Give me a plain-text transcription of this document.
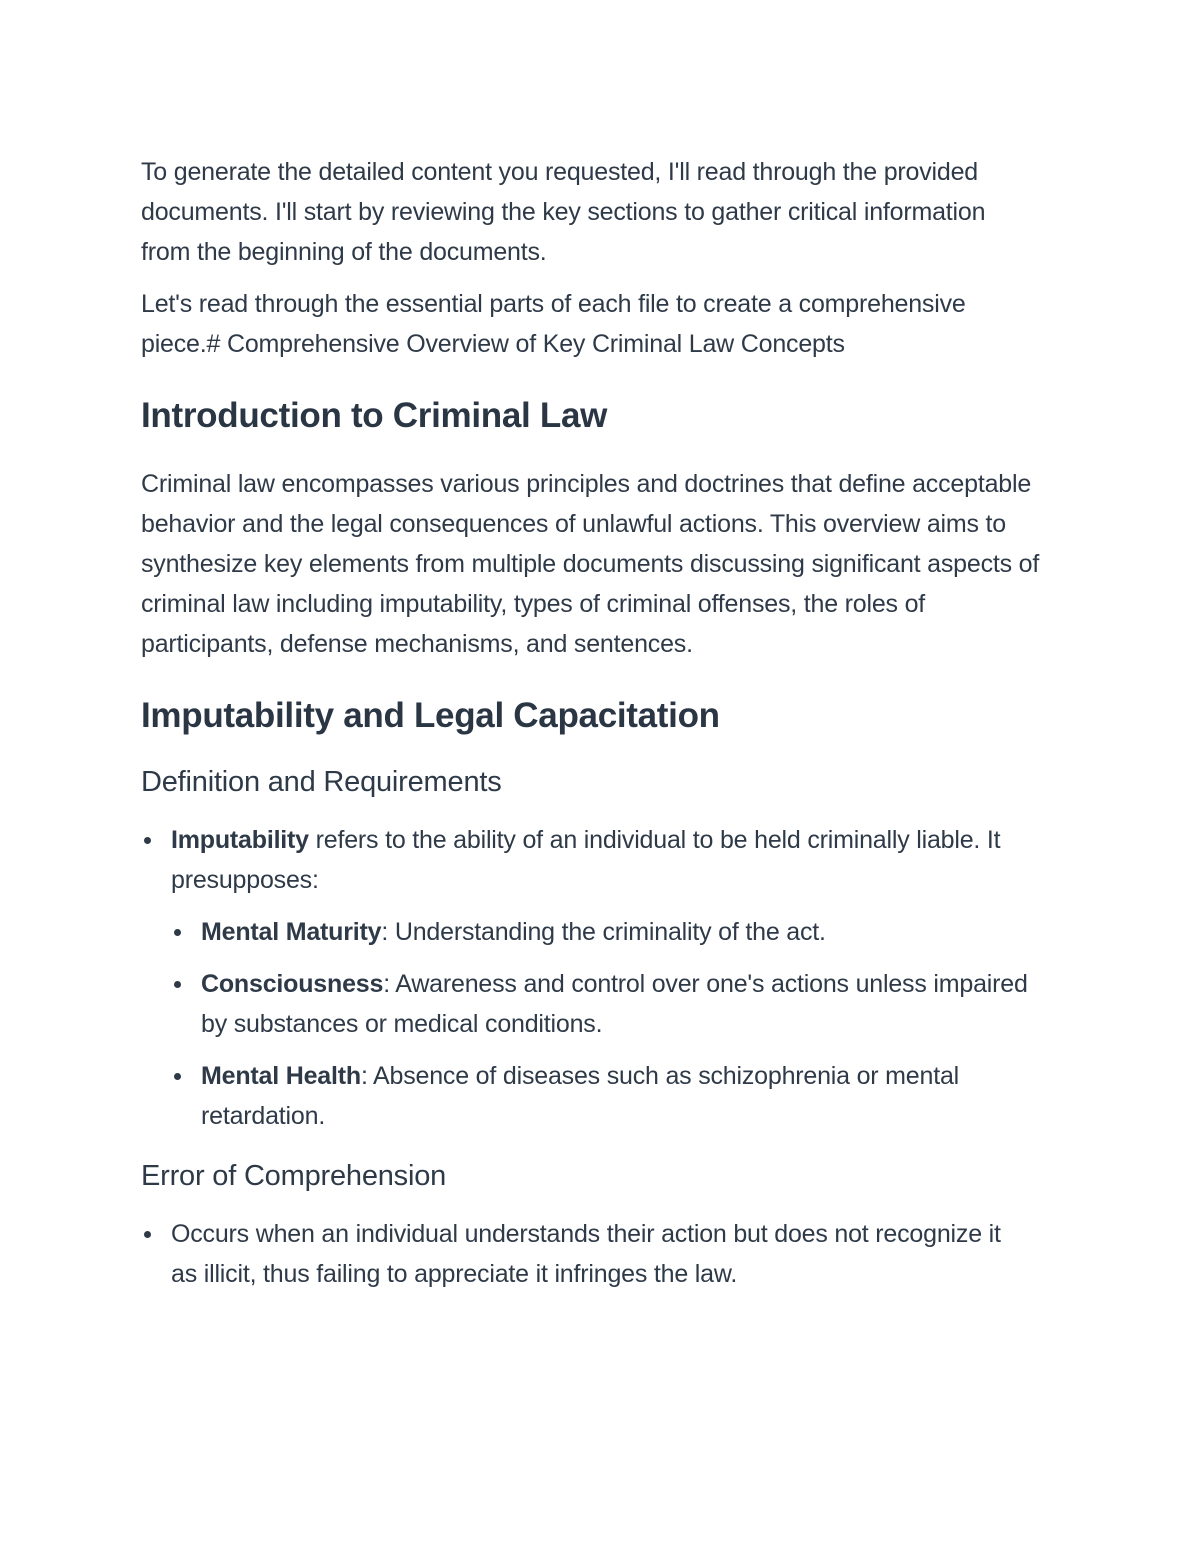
To generate the detailed content you requested, I'll read through the provided documents. I'll start by reviewing the key sections to gather critical information from the beginning of the documents.

Let's read through the essential parts of each file to create a comprehensive piece.# Comprehensive Overview of Key Criminal Law Concepts

Introduction to Criminal Law

Criminal law encompasses various principles and doctrines that define acceptable behavior and the legal consequences of unlawful actions. This overview aims to synthesize key elements from multiple documents discussing significant aspects of criminal law including imputability, types of criminal offenses, the roles of participants, defense mechanisms, and sentences.

Imputability and Legal Capacitation
Definition and Requirements
Imputability refers to the ability of an individual to be held criminally liable. It presupposes:
Mental Maturity: Understanding the criminality of the act.
Consciousness: Awareness and control over one's actions unless impaired by substances or medical conditions.
Mental Health: Absence of diseases such as schizophrenia or mental retardation.
Error of Comprehension
Occurs when an individual understands their action but does not recognize it as illicit, thus failing to appreciate it infringes the law.
